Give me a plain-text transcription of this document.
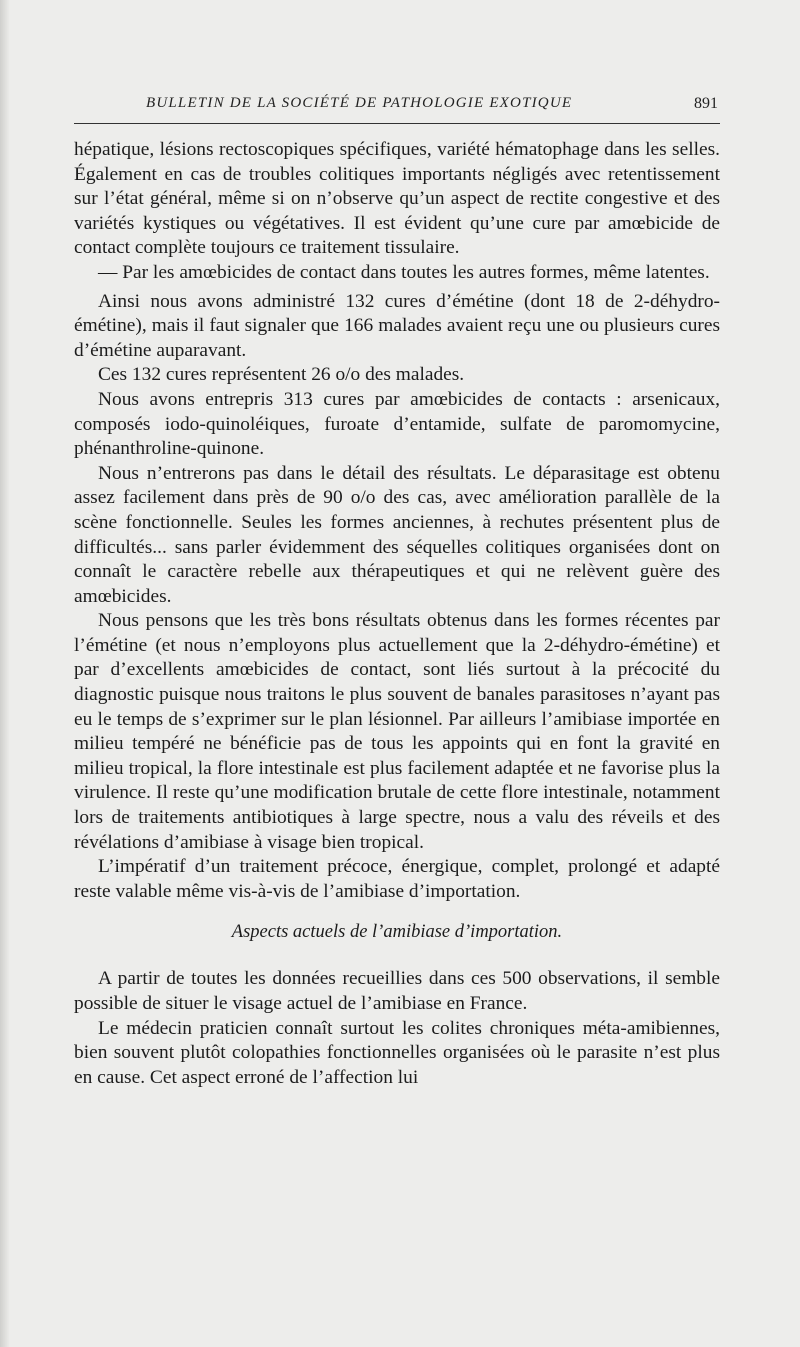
BULLETIN DE LA SOCIÉTÉ DE PATHOLOGIE EXOTIQUE	891

hépatique, lésions rectoscopiques spécifiques, variété hématophage dans les selles. Également en cas de troubles colitiques importants négligés avec retentissement sur l’état général, même si on n’observe qu’un aspect de rectite congestive et des variétés kystiques ou végétatives. Il est évident qu’une cure par amœbicide de contact complète toujours ce traitement tissulaire.

— Par les amœbicides de contact dans toutes les autres formes, même latentes.

Ainsi nous avons administré 132 cures d’émétine (dont 18 de 2-déhydro-émétine), mais il faut signaler que 166 malades avaient reçu une ou plusieurs cures d’émétine auparavant.

Ces 132 cures représentent 26 o/o des malades.

Nous avons entrepris 313 cures par amœbicides de contacts : arsenicaux, composés iodo-quinoléiques, furoate d’entamide, sulfate de paromomycine, phénanthroline-quinone.

Nous n’entrerons pas dans le détail des résultats. Le déparasitage est obtenu assez facilement dans près de 90 o/o des cas, avec amélioration parallèle de la scène fonctionnelle. Seules les formes anciennes, à rechutes présentent plus de difficultés... sans parler évidemment des séquelles colitiques organisées dont on connaît le caractère rebelle aux thérapeutiques et qui ne relèvent guère des amœbicides.

Nous pensons que les très bons résultats obtenus dans les formes récentes par l’émétine (et nous n’employons plus actuellement que la 2-déhydro-émétine) et par d’excellents amœbicides de contact, sont liés surtout à la précocité du diagnostic puisque nous traitons le plus souvent de banales parasitoses n’ayant pas eu le temps de s’exprimer sur le plan lésionnel. Par ailleurs l’amibiase importée en milieu tempéré ne bénéficie pas de tous les appoints qui en font la gravité en milieu tropical, la flore intestinale est plus facilement adaptée et ne favorise plus la virulence. Il reste qu’une modification brutale de cette flore intestinale, notamment lors de traitements antibiotiques à large spectre, nous a valu des réveils et des révélations d’amibiase à visage bien tropical.

L’impératif d’un traitement précoce, énergique, complet, prolongé et adapté reste valable même vis-à-vis de l’amibiase d’importation.

Aspects actuels de l’amibiase d’importation.

A partir de toutes les données recueillies dans ces 500 observations, il semble possible de situer le visage actuel de l’amibiase en France.

Le médecin praticien connaît surtout les colites chroniques méta-amibiennes, bien souvent plutôt colopathies fonctionnelles organisées où le parasite n’est plus en cause. Cet aspect erroné de l’affection lui
